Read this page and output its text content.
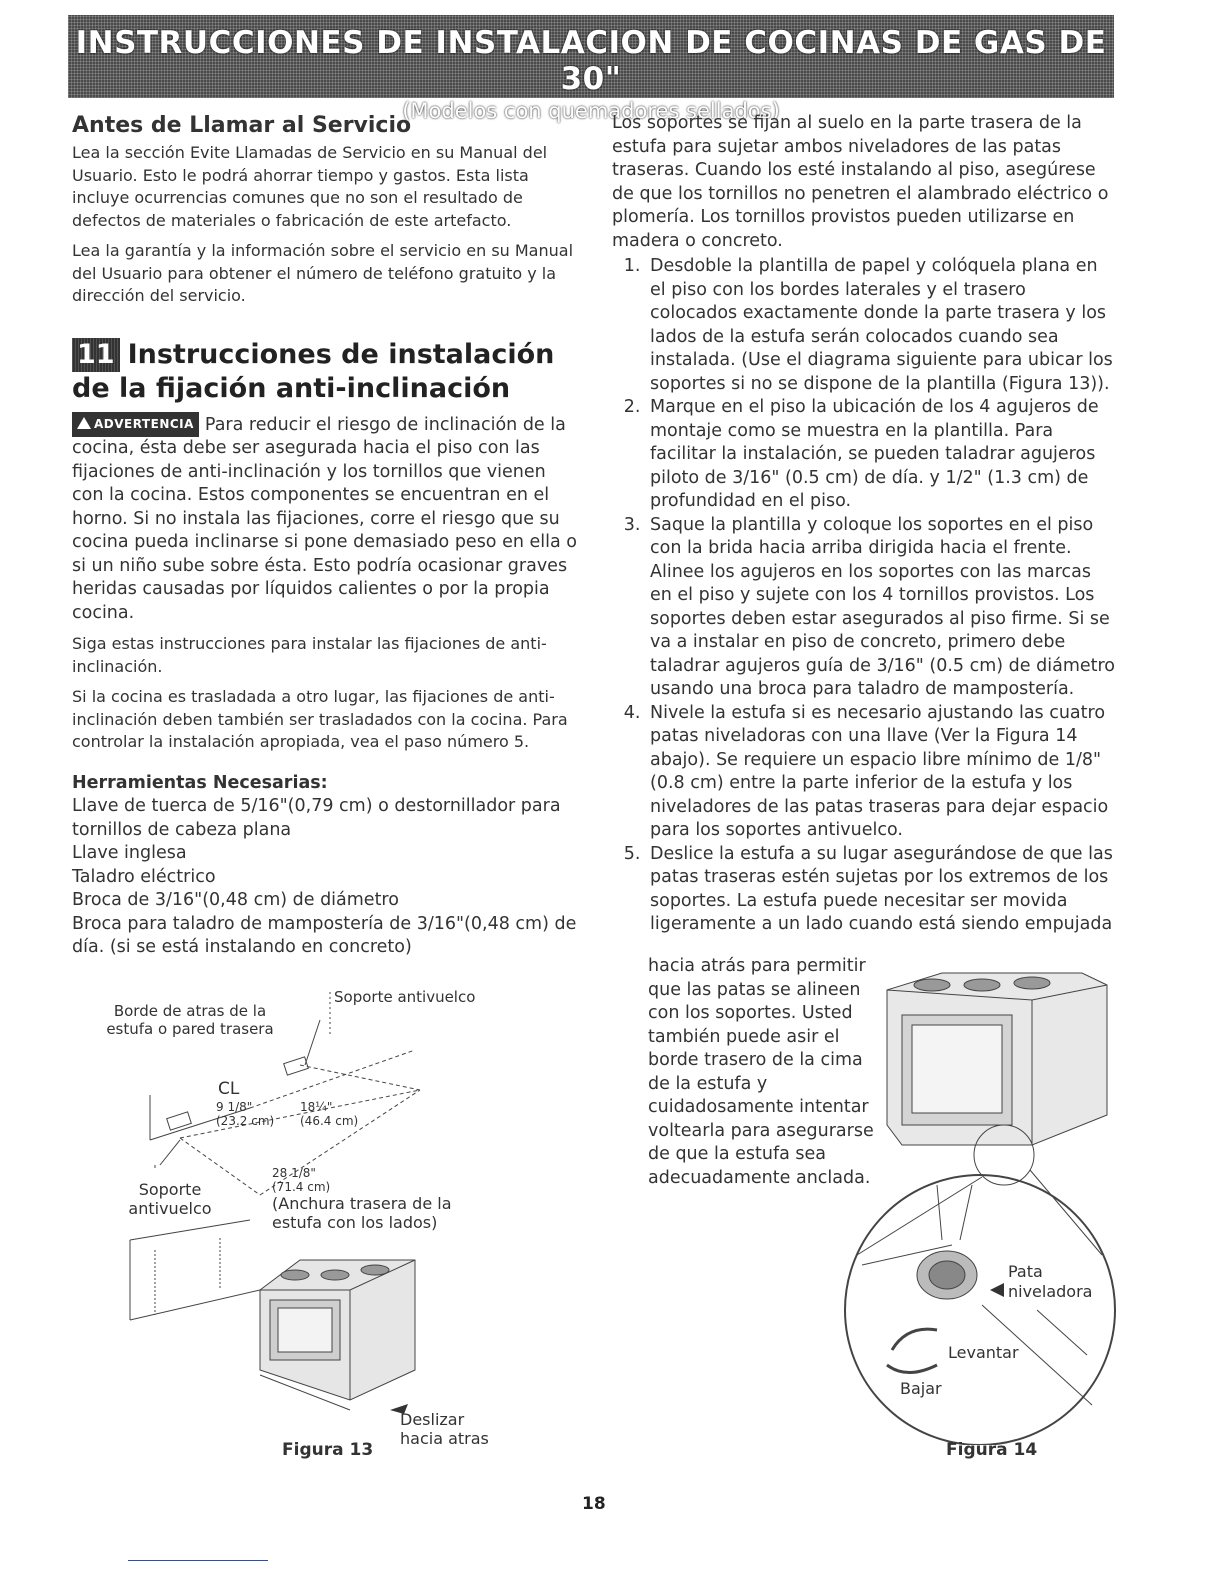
INSTRUCCIONES DE INSTALACION DE COCINAS DE GAS DE 30"
(Modelos con quemadores sellados)
Antes de Llamar al Servicio

Lea la sección Evite Llamadas de Servicio en su Manual del Usuario. Esto le podrá ahorrar tiempo y gastos. Esta lista incluye ocurrencias comunes que no son el resultado de defectos de materiales o fabricación de este artefacto.

Lea la garantía y la información sobre el servicio en su Manual del Usuario para obtener el número de teléfono gratuito y la dirección del servicio.

11 Instrucciones de instalación de la fijación anti-inclinación

ADVERTENCIA Para reducir el riesgo de inclinación de la cocina, ésta debe ser asegurada hacia el piso con las fijaciones de anti-inclinación y los tornillos que vienen con la cocina. Estos componentes se encuentran en el horno. Si no instala las fijaciones, corre el riesgo que su cocina pueda inclinarse si pone demasiado peso en ella o si un niño sube sobre ésta. Esto podría ocasionar graves heridas causadas por líquidos calientes o por la propia cocina.

Siga estas instrucciones para instalar las fijaciones de anti-inclinación.

Si la cocina es trasladada a otro lugar, las fijaciones de anti-inclinación deben también ser trasladados con la cocina. Para controlar la instalación apropiada, vea el paso número 5.

Herramientas Necesarias:
Llave de tuerca de 5/16"(0,79 cm) o destornillador para tornillos de cabeza plana
Llave inglesa
Taladro eléctrico
Broca de 3/16"(0,48 cm) de diámetro
Broca para taladro de mampostería de 3/16"(0,48 cm) de día. (si se está instalando en concreto)
Soporte antivuelco
Borde de atras de la estufa o pared trasera
CL
9 1/8"
(23.2 cm)
18¼"
(46.4 cm)
28 1/8"
(71.4 cm)
(Anchura trasera de la estufa con los lados)
Soporte antivuelco
Deslizar hacia atras
Figura 13

Los soportes se fijan al suelo en la parte trasera de la estufa para sujetar ambos niveladores de las patas traseras. Cuando los esté instalando al piso, asegúrese de que los tornillos no penetren el alambrado eléctrico o plomería. Los tornillos provistos pueden utilizarse en madera o concreto.

1. Desdoble la plantilla de papel y colóquela plana en el piso con los bordes laterales y el trasero colocados exactamente donde la parte trasera y los lados de la estufa serán colocados cuando sea instalada. (Use el diagrama siguiente para ubicar los soportes si no se dispone de la plantilla (Figura 13)).
2. Marque en el piso la ubicación de los 4 agujeros de montaje como se muestra en la plantilla. Para facilitar la instalación, se pueden taladrar agujeros piloto de 3/16" (0.5 cm) de día. y 1/2" (1.3 cm) de profundidad en el piso.
3. Saque la plantilla y coloque los soportes en el piso con la brida hacia arriba dirigida hacia el frente. Alinee los agujeros en los soportes con las marcas en el piso y sujete con los 4 tornillos provistos. Los soportes deben estar asegurados al piso firme. Si se va a instalar en piso de concreto, primero debe taladrar agujeros guía de 3/16" (0.5 cm) de diámetro usando una broca para taladro de mampostería.
4. Nivele la estufa si es necesario ajustando las cuatro patas niveladoras con una llave (Ver la Figura 14 abajo). Se requiere un espacio libre mínimo de 1/8" (0.8 cm) entre la parte inferior de la estufa y los niveladores de las patas traseras para dejar espacio para los soportes antivuelco.
5. Deslice la estufa a su lugar asegurándose de que las patas traseras estén sujetas por los extremos de los soportes. La estufa puede necesitar ser movida ligeramente a un lado cuando está siendo empujada
hacia atrás para permitir que las patas se alineen con los soportes. Usted también puede asir el borde trasero de la cima de la estufa y cuidadosamente intentar voltearla para asegurarse de que la estufa sea adecuadamente anclada.
Pata niveladora
Levantar
Bajar
Figura 14
18
